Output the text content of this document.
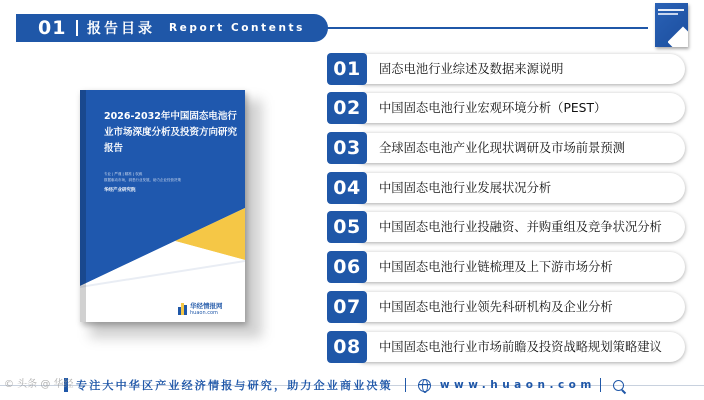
01 报告目录 Report Contents
2026-2032年中国固态电池行业市场深度分析及投资方向研究报告
专业 | 严谨 | 精准 | 权威
数据驱动市场，洞悉行业发展，助力企业经营决策
华经产业研究院
华经情报网
huaon.com
01	固态电池行业综述及数据来源说明
02	中国固态电池行业宏观环境分析（PEST）
03	全球固态电池产业化现状调研及市场前景预测
04	中国固态电池行业发展状况分析
05	中国固态电池行业投融资、并购重组及竞争状况分析
06	中国固态电池行业链梳理及上下游市场分析
07	中国固态电池行业领先科研机构及企业分析
08	中国固态电池行业市场前瞻及投资战略规划策略建议
专注大中华区产业经济情报与研究，助力企业商业决策	www.huaon.com
© 头条 @ 华经
